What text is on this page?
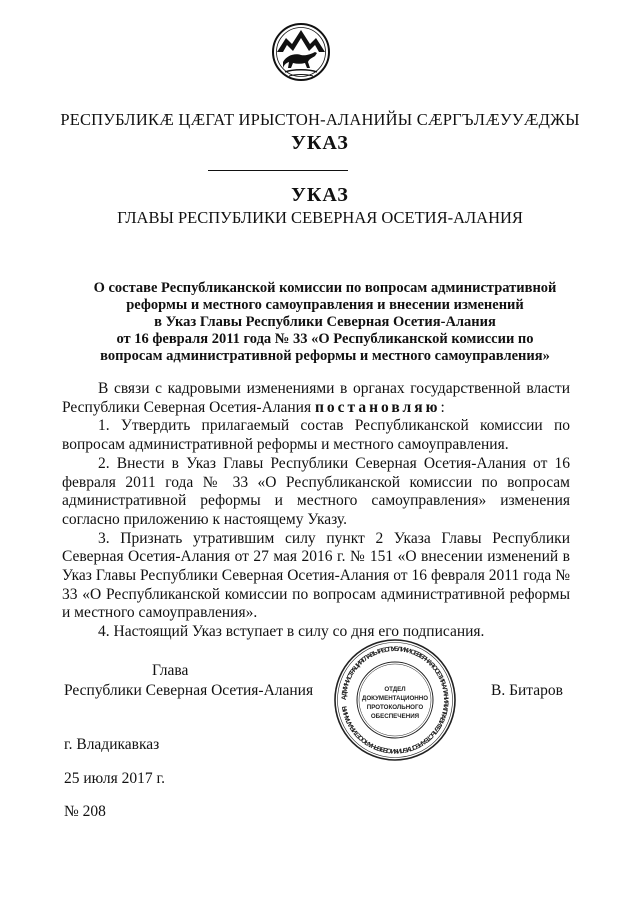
РЕСПУБЛИКÆ ЦÆГАТ ИРЫСТОН-АЛАНИЙЫ СÆРГЪЛÆУУÆДЖЫ
УКАЗ
УКАЗ
ГЛАВЫ РЕСПУБЛИКИ СЕВЕРНАЯ ОСЕТИЯ-АЛАНИЯ
О составе Республиканской комиссии по вопросам административной
реформы и местного самоуправления и внесении изменений
в Указ Главы Республики Северная Осетия-Алания
от 16 февраля 2011 года № 33 «О Республиканской комиссии по
вопросам административной реформы и местного самоуправления»

В связи с кадровыми изменениями в органах государственной власти Республики Северная Осетия-Алания постановляю:

1. Утвердить прилагаемый состав Республиканской комиссии по вопросам административной реформы и местного самоуправления.

2. Внести в Указ Главы Республики Северная Осетия-Алания от 16 февраля 2011 года № 33 «О Республиканской комиссии по вопросам административной реформы и местного самоуправления» изменения согласно приложению к настоящему Указу.

3. Признать утратившим силу пункт 2 Указа Главы Республики Северная Осетия-Алания от 27 мая 2016 г. № 151 «О внесении изменений в Указ Главы Республики Северная Осетия-Алания от 16 февраля 2011 года № 33 «О Республиканской комиссии по вопросам административной реформы и местного самоуправления».

4. Настоящий Указ вступает в силу со дня его подписания.

Глава
Республики Северная Осетия-Алания	В. Битаров
АДМИНИСТРАЦИЯ ГЛАВЫ РЕСПУБЛИКИ СЕВЕРНАЯ ОСЕТИЯ-АЛАНИЯ И ПРАВИТЕЛЬСТВА РЕСПУБЛИКИ СЕВЕРНАЯ ОСЕТИЯ-АЛАНИЯ
ОТДЕЛ
ДОКУМЕНТАЦИОННО
ПРОТОКОЛЬНОГО
ОБЕСПЕЧЕНИЯ
г. Владикавказ
25 июля 2017 г.
№ 208
